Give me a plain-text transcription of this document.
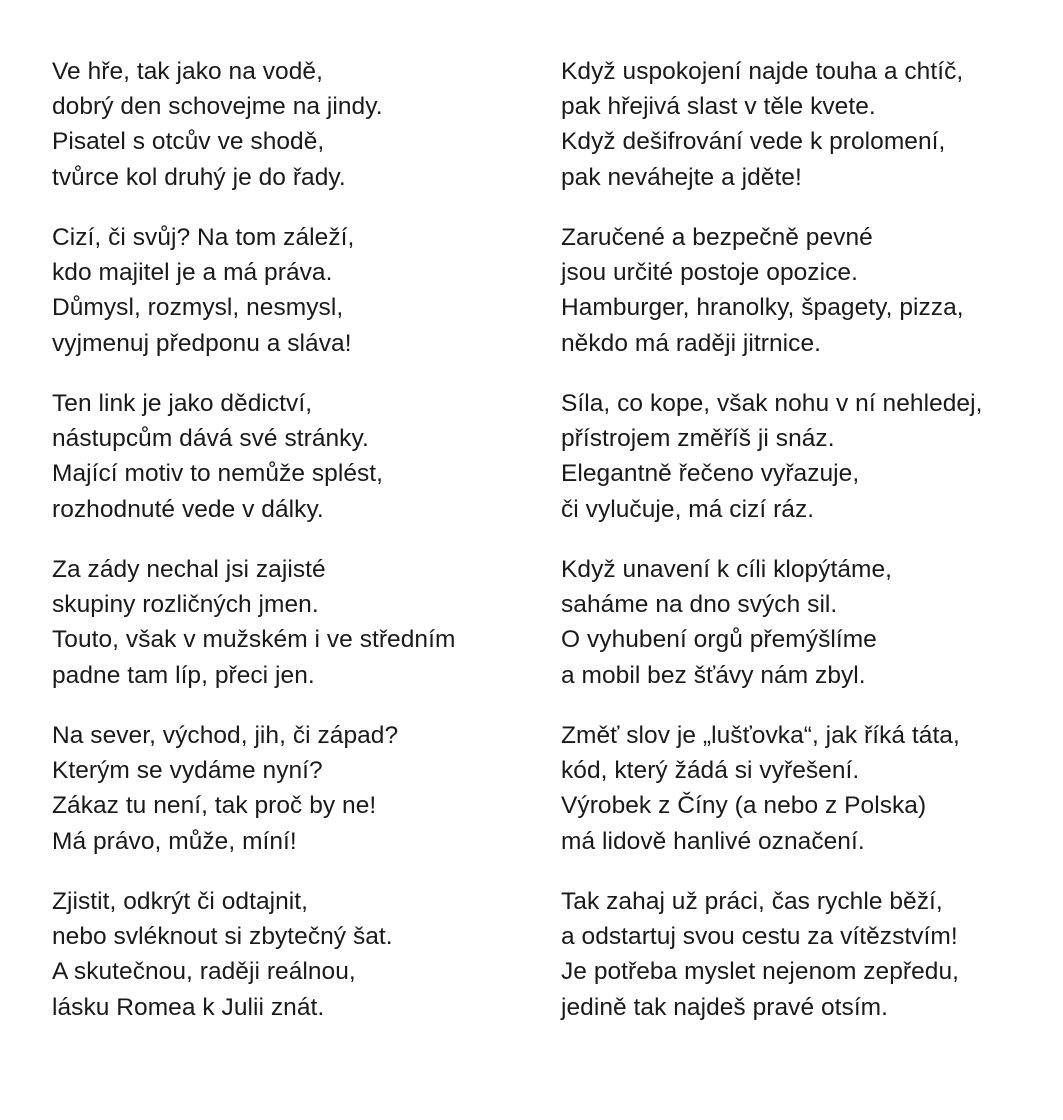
Ve hře, tak jako na vodě,
dobrý den schovejme na jindy.
Pisatel s otcův ve shodě,
tvůrce kol druhý je do řady.
Cizí, či svůj? Na tom záleží,
kdo majitel je a má práva.
Důmysl, rozmysl, nesmysl,
vyjmenuj předponu a sláva!
Ten link je jako dědictví,
nástupcům dává své stránky.
Mající motiv to nemůže splést,
rozhodnuté vede v dálky.
Za zády nechal jsi zajisté
skupiny rozličných jmen.
Touto, však v mužském i ve středním
padne tam líp, přeci jen.
Na sever, východ, jih, či západ?
Kterým se vydáme nyní?
Zákaz tu není, tak proč by ne!
Má právo, může, míní!
Zjistit, odkrýt či odtajnit,
nebo svléknout si zbytečný šat.
A skutečnou, raději reálnou,
lásku Romea k Julii znát.
Když uspokojení najde touha a chtíč,
pak hřejivá slast v těle kvete.
Když dešifrování vede k prolomení,
pak neváhejte a jděte!
Zaručené a bezpečně pevné
jsou určité postoje opozice.
Hamburger, hranolky, špagety, pizza,
někdo má raději jitrnice.
Síla, co kope, však nohu v ní nehledej,
přístrojem změříš ji snáz.
Elegantně řečeno vyřazuje,
či vylučuje, má cizí ráz.
Když unavení k cíli klopýtáme,
saháme na dno svých sil.
O vyhubení orgů přemýšlíme
a mobil bez šťávy nám zbyl.
Změť slov je „lušťovka“, jak říká táta,
kód, který žádá si vyřešení.
Výrobek z Číny (a nebo z Polska)
má lidově hanlivé označení.
Tak zahaj už práci, čas rychle běží,
a odstartuj svou cestu za vítězstvím!
Je potřeba myslet nejenom zepředu,
jedině tak najdeš pravé otsím.
